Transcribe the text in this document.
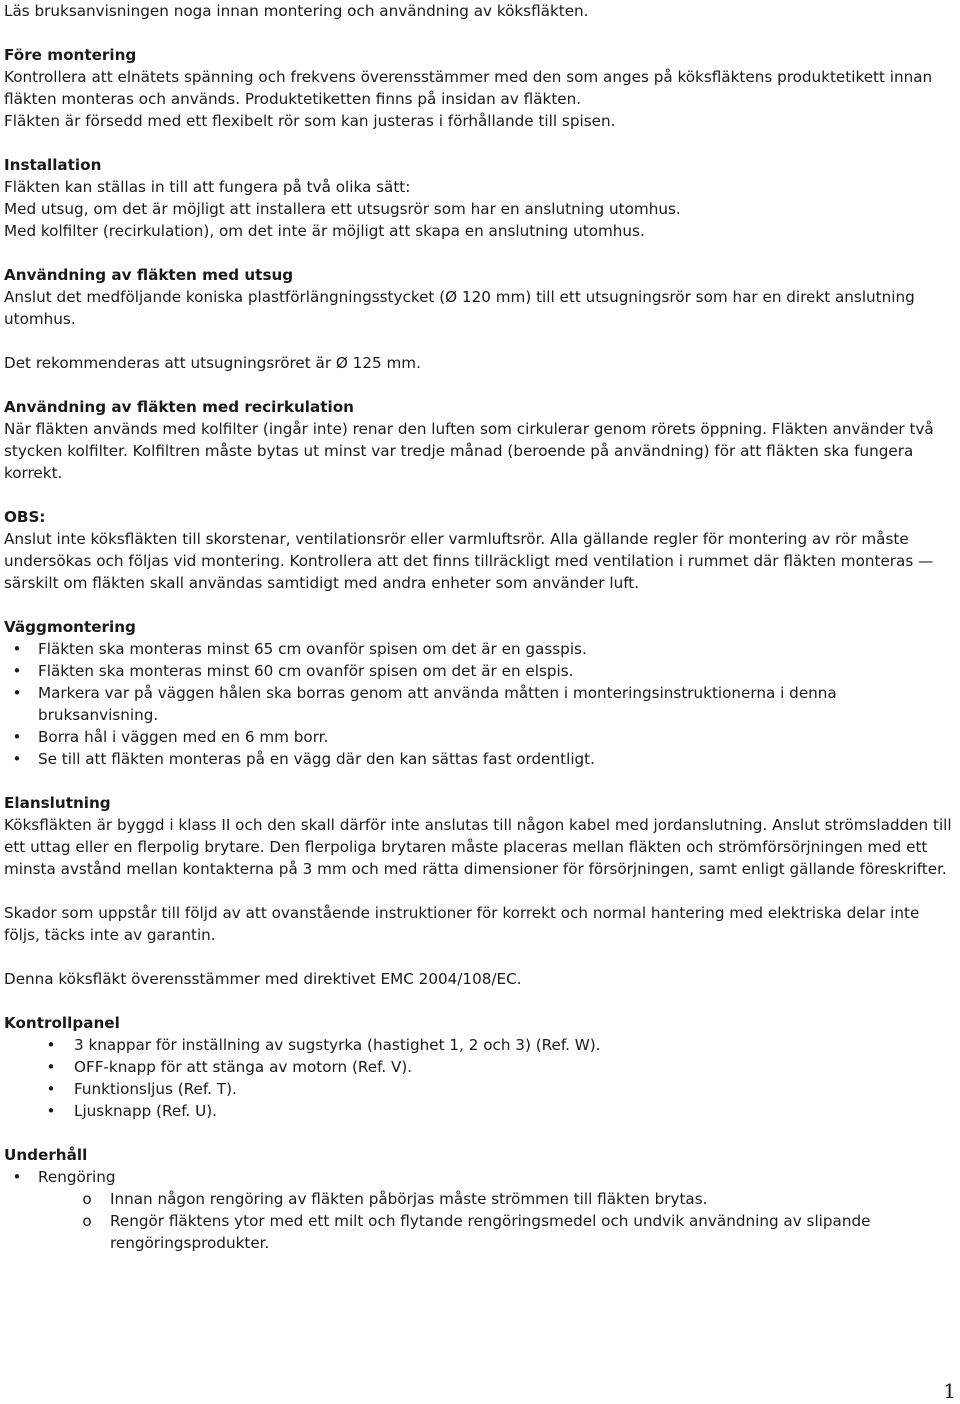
Läs bruksanvisningen noga innan montering och användning av köksfläkten.

Före montering

Kontrollera att elnätets spänning och frekvens överensstämmer med den som anges på köksfläktens produktetikett innan fläkten monteras och används. Produktetiketten finns på insidan av fläkten.

Fläkten är försedd med ett flexibelt rör som kan justeras i förhållande till spisen.

Installation

Fläkten kan ställas in till att fungera på två olika sätt:

Med utsug, om det är möjligt att installera ett utsugsrör som har en anslutning utomhus.

Med kolfilter (recirkulation), om det inte är möjligt att skapa en anslutning utomhus.

Användning av fläkten med utsug

Anslut det medföljande koniska plastförlängningsstycket (Ø 120 mm) till ett utsugningsrör som har en direkt anslutning utomhus.

Det rekommenderas att utsugningsröret är Ø 125 mm.

Användning av fläkten med recirkulation

När fläkten används med kolfilter (ingår inte) renar den luften som cirkulerar genom rörets öppning. Fläkten använder två stycken kolfilter. Kolfiltren måste bytas ut minst var tredje månad (beroende på användning) för att fläkten ska fungera korrekt.

OBS:

Anslut inte köksfläkten till skorstenar, ventilationsrör eller varmluftsrör. Alla gällande regler för montering av rör måste undersökas och följas vid montering. Kontrollera att det finns tillräckligt med ventilation i rummet där fläkten monteras — särskilt om fläkten skall användas samtidigt med andra enheter som använder luft.

Väggmontering

•	Fläkten ska monteras minst 65 cm ovanför spisen om det är en gasspis.
•	Fläkten ska monteras minst 60 cm ovanför spisen om det är en elspis.
•	Markera var på väggen hålen ska borras genom att använda måtten i monteringsinstruktionerna i denna bruksanvisning.
•	Borra hål i väggen med en 6 mm borr.
•	Se till att fläkten monteras på en vägg där den kan sättas fast ordentligt.

Elanslutning

Köksfläkten är byggd i klass II och den skall därför inte anslutas till någon kabel med jordanslutning. Anslut strömsladden till ett uttag eller en flerpolig brytare. Den flerpoliga brytaren måste placeras mellan fläkten och strömförsörjningen med ett minsta avstånd mellan kontakterna på 3 mm och med rätta dimensioner för försörjningen, samt enligt gällande föreskrifter.

Skador som uppstår till följd av att ovanstående instruktioner för korrekt och normal hantering med elektriska delar inte följs, täcks inte av garantin.

Denna köksfläkt överensstämmer med direktivet EMC 2004/108/EC.

Kontrollpanel

•	3 knappar för inställning av sugstyrka (hastighet 1, 2 och 3) (Ref. W).
•	OFF-knapp för att stänga av motorn (Ref. V).
•	Funktionsljus (Ref. T).
•	Ljusknapp (Ref. U).

Underhåll

•	Rengöring
o	Innan någon rengöring av fläkten påbörjas måste strömmen till fläkten brytas.
o	Rengör fläktens ytor med ett milt och flytande rengöringsmedel och undvik användning av slipande rengöringsprodukter.
1
